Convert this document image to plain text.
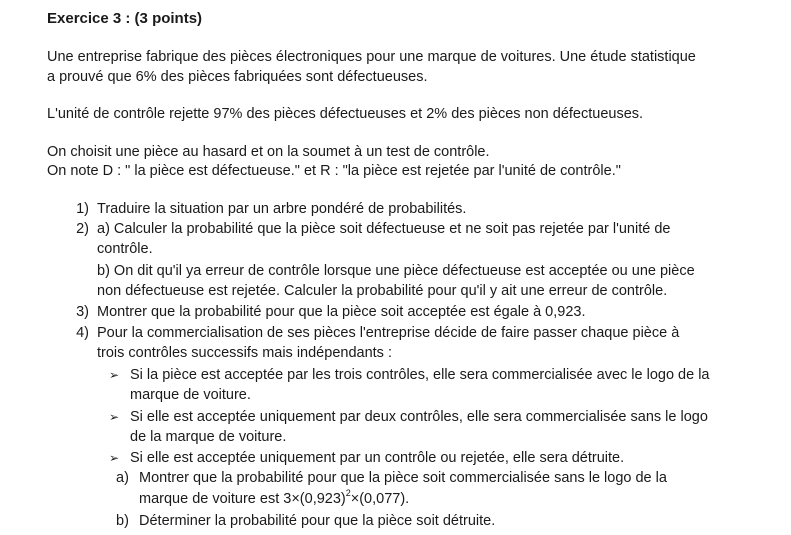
Exercice 3 : (3 points)
Une entreprise fabrique des pièces électroniques pour une marque de voitures. Une étude statistique
a prouvé que 6% des pièces fabriquées sont défectueuses.
L'unité de contrôle rejette 97% des pièces défectueuses et 2% des pièces non défectueuses.
On choisit une pièce au hasard et on la soumet à un test de contrôle.
On note D : " la pièce est défectueuse." et R : "la pièce est rejetée par l'unité de contrôle."
1) Traduire la situation par un arbre pondéré de probabilités.
2) a) Calculer la probabilité que la pièce soit défectueuse et ne soit pas rejetée par l'unité de
contrôle.
b) On dit qu'il ya erreur de contrôle lorsque une pièce défectueuse est acceptée ou une pièce
non défectueuse est rejetée. Calculer la probabilité pour qu'il y ait une erreur de contrôle.
3) Montrer que la probabilité pour que la pièce soit acceptée est égale à 0,923.
4) Pour la commercialisation de ses pièces l'entreprise décide de faire passer chaque pièce à
trois contrôles successifs mais indépendants :
➢ Si la pièce est acceptée par les trois contrôles, elle sera commercialisée avec le logo de la
marque de voiture.
➢ Si elle est acceptée uniquement par deux contrôles, elle sera commercialisée sans le logo
de la marque de voiture.
➢ Si elle est acceptée uniquement par un contrôle ou rejetée, elle sera détruite.
a) Montrer que la probabilité pour que la pièce soit commercialisée sans le logo de la
marque de voiture est $3\times(0,923)^2\times(0,077)$.
b) Déterminer la probabilité pour que la pièce soit détruite.
